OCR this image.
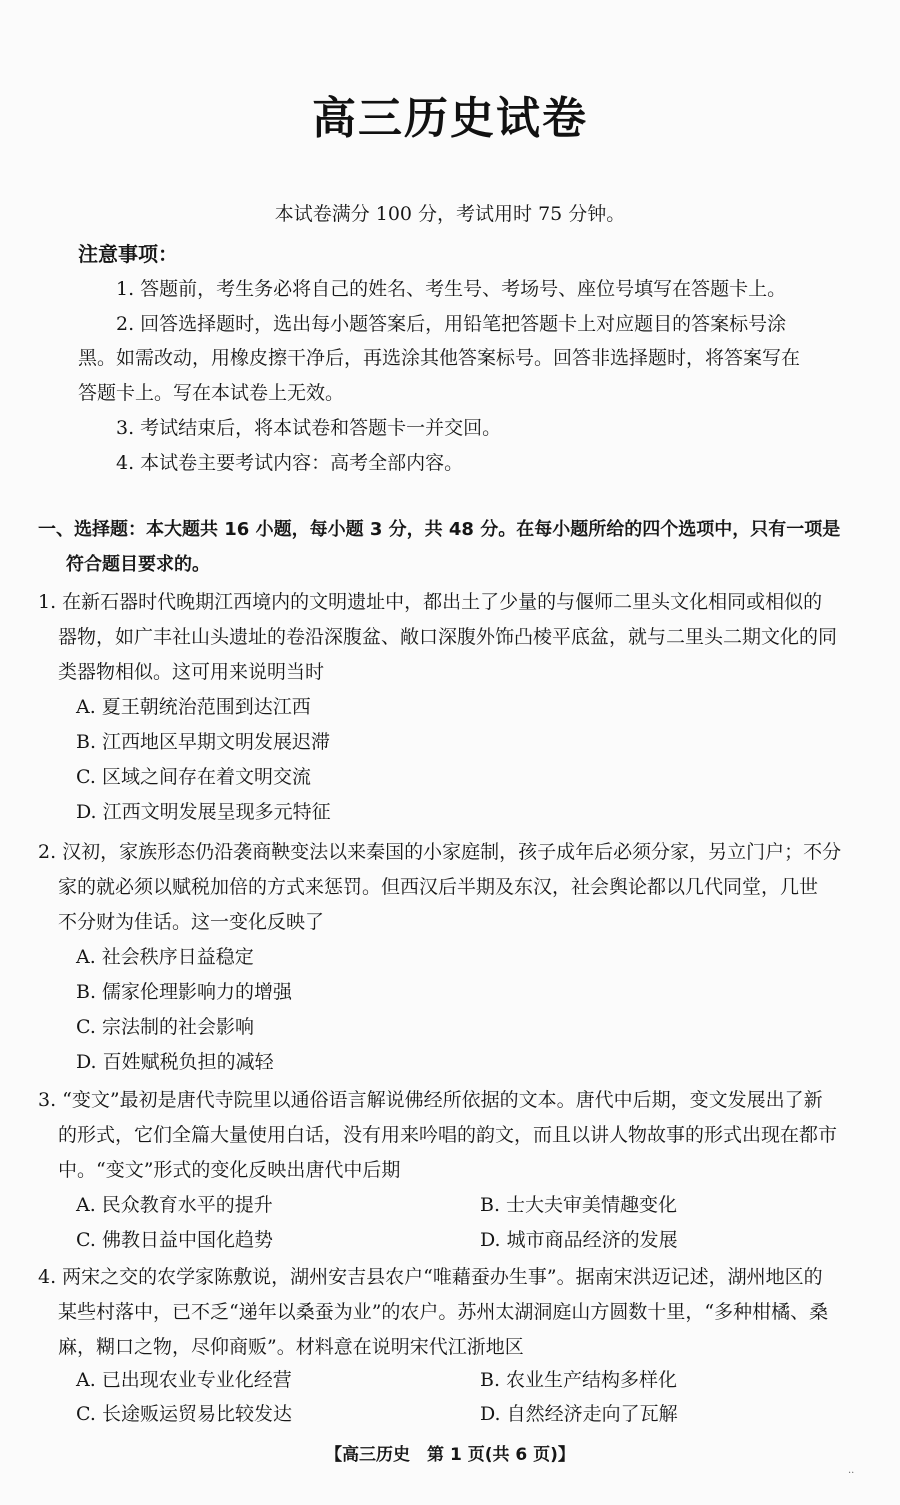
高三历史试卷
本试卷满分 100 分，考试用时 75 分钟。
注意事项：
1. 答题前，考生务必将自己的姓名、考生号、考场号、座位号填写在答题卡上。
2. 回答选择题时，选出每小题答案后，用铅笔把答题卡上对应题目的答案标号涂
黑。如需改动，用橡皮擦干净后，再选涂其他答案标号。回答非选择题时，将答案写在
答题卡上。写在本试卷上无效。
3. 考试结束后，将本试卷和答题卡一并交回。
4. 本试卷主要考试内容：高考全部内容。
一、选择题：本大题共 16 小题，每小题 3 分，共 48 分。在每小题所给的四个选项中，只有一项是
符合题目要求的。
1. 在新石器时代晚期江西境内的文明遗址中，都出土了少量的与偃师二里头文化相同或相似的
器物，如广丰社山头遗址的卷沿深腹盆、敞口深腹外饰凸棱平底盆，就与二里头二期文化的同
类器物相似。这可用来说明当时
A. 夏王朝统治范围到达江西
B. 江西地区早期文明发展迟滞
C. 区域之间存在着文明交流
D. 江西文明发展呈现多元特征
2. 汉初，家族形态仍沿袭商鞅变法以来秦国的小家庭制，孩子成年后必须分家，另立门户；不分
家的就必须以赋税加倍的方式来惩罚。但西汉后半期及东汉，社会舆论都以几代同堂，几世
不分财为佳话。这一变化反映了
A. 社会秩序日益稳定
B. 儒家伦理影响力的增强
C. 宗法制的社会影响
D. 百姓赋税负担的减轻
3. “变文”最初是唐代寺院里以通俗语言解说佛经所依据的文本。唐代中后期，变文发展出了新
的形式，它们全篇大量使用白话，没有用来吟唱的韵文，而且以讲人物故事的形式出现在都市
中。“变文”形式的变化反映出唐代中后期
A. 民众教育水平的提升	B. 士大夫审美情趣变化
C. 佛教日益中国化趋势	D. 城市商品经济的发展
4. 两宋之交的农学家陈敷说，湖州安吉县农户“唯藉蚕办生事”。据南宋洪迈记述，湖州地区的
某些村落中，已不乏“递年以桑蚕为业”的农户。苏州太湖洞庭山方圆数十里，“多种柑橘、桑
麻，糊口之物，尽仰商贩”。材料意在说明宋代江浙地区
A. 已出现农业专业化经营	B. 农业生产结构多样化
C. 长途贩运贸易比较发达	D. 自然经济走向了瓦解
【高三历史　第 1 页(共 6 页)】
..
